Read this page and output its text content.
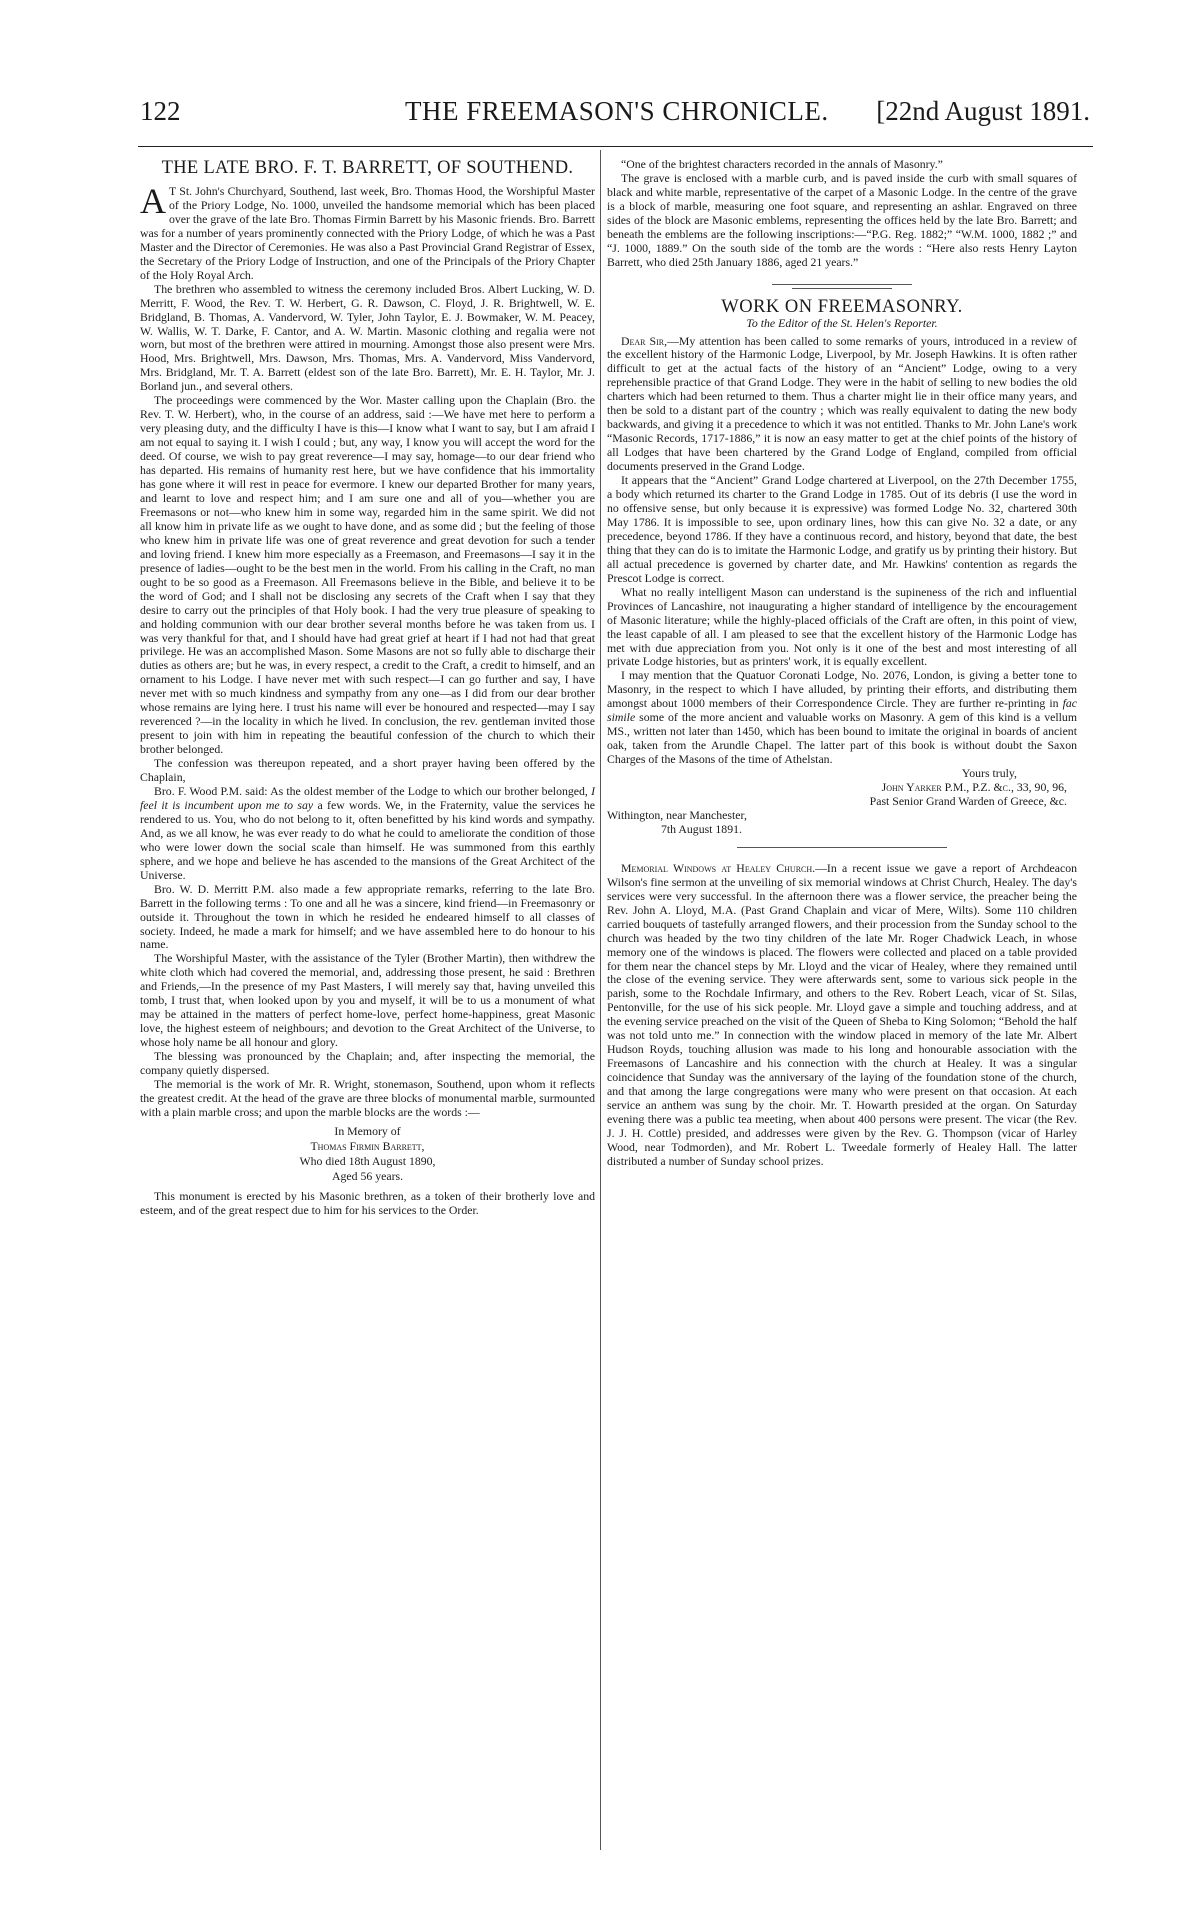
122	THE FREEMASON'S CHRONICLE. [22nd August 1891.
THE LATE BRO. F. T. BARRETT, OF SOUTHEND.

A T St. John's Churchyard, Southend, last week, Bro. Thomas Hood, the Worshipful Master of the Priory Lodge, No. 1000, unveiled the handsome memorial which has been placed over the grave of the late Bro. Thomas Firmin Barrett by his Masonic friends. Bro. Barrett was for a number of years prominently connected with the Priory Lodge, of which he was a Past Master and the Director of Ceremonies. He was also a Past Provincial Grand Registrar of Essex, the Secretary of the Priory Lodge of Instruction, and one of the Principals of the Priory Chapter of the Holy Royal Arch.

The brethren who assembled to witness the ceremony included Bros. Albert Lucking, W. D. Merritt, F. Wood, the Rev. T. W. Herbert, G. R. Dawson, C. Floyd, J. R. Brightwell, W. E. Bridgland, B. Thomas, A. Vandervord, W. Tyler, John Taylor, E. J. Bowmaker, W. M. Peacey, W. Wallis, W. T. Darke, F. Cantor, and A. W. Martin. Masonic clothing and regalia were not worn, but most of the brethren were attired in mourning. Amongst those also present were Mrs. Hood, Mrs. Brightwell, Mrs. Dawson, Mrs. Thomas, Mrs. A. Vandervord, Miss Vandervord, Mrs. Bridgland, Mr. T. A. Barrett (eldest son of the late Bro. Barrett), Mr. E. H. Taylor, Mr. J. Borland jun., and several others.

The proceedings were commenced by the Wor. Master calling upon the Chaplain (Bro. the Rev. T. W. Herbert), who, in the course of an address, said :—We have met here to perform a very pleasing duty, and the difficulty I have is this—I know what I want to say, but I am afraid I am not equal to saying it. I wish I could ; but, any way, I know you will accept the word for the deed. Of course, we wish to pay great reverence—I may say, homage—to our dear friend who has departed. His remains of humanity rest here, but we have confidence that his immortality has gone where it will rest in peace for evermore. I knew our departed Brother for many years, and learnt to love and respect him; and I am sure one and all of you—whether you are Freemasons or not—who knew him in some way, regarded him in the same spirit. We did not all know him in private life as we ought to have done, and as some did ; but the feeling of those who knew him in private life was one of great reverence and great devotion for such a tender and loving friend. I knew him more especially as a Freemason, and Freemasons—I say it in the presence of ladies—ought to be the best men in the world. From his calling in the Craft, no man ought to be so good as a Freemason. All Freemasons believe in the Bible, and believe it to be the word of God; and I shall not be disclosing any secrets of the Craft when I say that they desire to carry out the principles of that Holy book. I had the very true pleasure of speaking to and holding communion with our dear brother several months before he was taken from us. I was very thankful for that, and I should have had great grief at heart if I had not had that great privilege. He was an accomplished Mason. Some Masons are not so fully able to discharge their duties as others are; but he was, in every respect, a credit to the Craft, a credit to himself, and an ornament to his Lodge. I have never met with such respect—I can go further and say, I have never met with so much kindness and sympathy from any one—as I did from our dear brother whose remains are lying here. I trust his name will ever be honoured and respected—may I say reverenced ?—in the locality in which he lived. In conclusion, the rev. gentleman invited those present to join with him in repeating the beautiful confession of the church to which their brother belonged.

The confession was thereupon repeated, and a short prayer having been offered by the Chaplain,

Bro. F. Wood P.M. said: As the oldest member of the Lodge to which our brother belonged, I feel it is incumbent upon me to say a few words. We, in the Fraternity, value the services he rendered to us. You, who do not belong to it, often benefitted by his kind words and sympathy. And, as we all know, he was ever ready to do what he could to ameliorate the condition of those who were lower down the social scale than himself. He was summoned from this earthly sphere, and we hope and believe he has ascended to the mansions of the Great Architect of the Universe.

Bro. W. D. Merritt P.M. also made a few appropriate remarks, referring to the late Bro. Barrett in the following terms : To one and all he was a sincere, kind friend—in Freemasonry or outside it. Throughout the town in which he resided he endeared himself to all classes of society. Indeed, he made a mark for himself; and we have assembled here to do honour to his name.

The Worshipful Master, with the assistance of the Tyler (Brother Martin), then withdrew the white cloth which had covered the memorial, and, addressing those present, he said : Brethren and Friends,—In the presence of my Past Masters, I will merely say that, having unveiled this tomb, I trust that, when looked upon by you and myself, it will be to us a monument of what may be attained in the matters of perfect home-love, perfect home-happiness, great Masonic love, the highest esteem of neighbours; and devotion to the Great Architect of the Universe, to whose holy name be all honour and glory.

The blessing was pronounced by the Chaplain; and, after inspecting the memorial, the company quietly dispersed.

The memorial is the work of Mr. R. Wright, stonemason, Southend, upon whom it reflects the greatest credit. At the head of the grave are three blocks of monumental marble, surmounted with a plain marble cross; and upon the marble blocks are the words :—

In Memory of
Thomas Firmin Barrett,
Who died 18th August 1890,
Aged 56 years.

This monument is erected by his Masonic brethren, as a token of their brotherly love and esteem, and of the great respect due to him for his services to the Order.

“One of the brightest characters recorded in the annals of Masonry.”

The grave is enclosed with a marble curb, and is paved inside the curb with small squares of black and white marble, representative of the carpet of a Masonic Lodge. In the centre of the grave is a block of marble, measuring one foot square, and representing an ashlar. Engraved on three sides of the block are Masonic emblems, representing the offices held by the late Bro. Barrett; and beneath the emblems are the following inscriptions:—“P.G. Reg. 1882;” “W.M. 1000, 1882 ;” and “J. 1000, 1889.” On the south side of the tomb are the words : “Here also rests Henry Layton Barrett, who died 25th January 1886, aged 21 years.”

WORK ON FREEMASONRY.

To the Editor of the St. Helen's Reporter.

Dear Sir,—My attention has been called to some remarks of yours, introduced in a review of the excellent history of the Harmonic Lodge, Liverpool, by Mr. Joseph Hawkins. It is often rather difficult to get at the actual facts of the history of an “Ancient” Lodge, owing to a very reprehensible practice of that Grand Lodge. They were in the habit of selling to new bodies the old charters which had been returned to them. Thus a charter might lie in their office many years, and then be sold to a distant part of the country ; which was really equivalent to dating the new body backwards, and giving it a precedence to which it was not entitled. Thanks to Mr. John Lane's work “Masonic Records, 1717-1886,” it is now an easy matter to get at the chief points of the history of all Lodges that have been chartered by the Grand Lodge of England, compiled from official documents preserved in the Grand Lodge.

It appears that the “Ancient” Grand Lodge chartered at Liverpool, on the 27th December 1755, a body which returned its charter to the Grand Lodge in 1785. Out of its debris (I use the word in no offensive sense, but only because it is expressive) was formed Lodge No. 32, chartered 30th May 1786. It is impossible to see, upon ordinary lines, how this can give No. 32 a date, or any precedence, beyond 1786. If they have a continuous record, and history, beyond that date, the best thing that they can do is to imitate the Harmonic Lodge, and gratify us by printing their history. But all actual precedence is governed by charter date, and Mr. Hawkins' contention as regards the Prescot Lodge is correct.

What no really intelligent Mason can understand is the supineness of the rich and influential Provinces of Lancashire, not inaugurating a higher standard of intelligence by the encouragement of Masonic literature; while the highly-placed officials of the Craft are often, in this point of view, the least capable of all. I am pleased to see that the excellent history of the Harmonic Lodge has met with due appreciation from you. Not only is it one of the best and most interesting of all private Lodge histories, but as printers' work, it is equally excellent.

I may mention that the Quatuor Coronati Lodge, No. 2076, London, is giving a better tone to Masonry, in the respect to which I have alluded, by printing their efforts, and distributing them amongst about 1000 members of their Correspondence Circle. They are further re-printing in fac simile some of the more ancient and valuable works on Masonry. A gem of this kind is a vellum MS., written not later than 1450, which has been bound to imitate the original in boards of ancient oak, taken from the Arundle Chapel. The latter part of this book is without doubt the Saxon Charges of the Masons of the time of Athelstan.

Yours truly,

John Yarker P.M., P.Z. &c., 33, 90, 96,

Past Senior Grand Warden of Greece, &c.

Withington, near Manchester,

7th August 1891.

Memorial Windows at Healey Church.—In a recent issue we gave a report of Archdeacon Wilson's fine sermon at the unveiling of six memorial windows at Christ Church, Healey. The day's services were very successful. In the afternoon there was a flower service, the preacher being the Rev. John A. Lloyd, M.A. (Past Grand Chaplain and vicar of Mere, Wilts). Some 110 children carried bouquets of tastefully arranged flowers, and their procession from the Sunday school to the church was headed by the two tiny children of the late Mr. Roger Chadwick Leach, in whose memory one of the windows is placed. The flowers were collected and placed on a table provided for them near the chancel steps by Mr. Lloyd and the vicar of Healey, where they remained until the close of the evening service. They were afterwards sent, some to various sick people in the parish, some to the Rochdale Infirmary, and others to the Rev. Robert Leach, vicar of St. Silas, Pentonville, for the use of his sick people. Mr. Lloyd gave a simple and touching address, and at the evening service preached on the visit of the Queen of Sheba to King Solomon; “Behold the half was not told unto me.” In connection with the window placed in memory of the late Mr. Albert Hudson Royds, touching allusion was made to his long and honourable association with the Freemasons of Lancashire and his connection with the church at Healey. It was a singular coincidence that Sunday was the anniversary of the laying of the foundation stone of the church, and that among the large congregations were many who were present on that occasion. At each service an anthem was sung by the choir. Mr. T. Howarth presided at the organ. On Saturday evening there was a public tea meeting, when about 400 persons were present. The vicar (the Rev. J. J. H. Cottle) presided, and addresses were given by the Rev. G. Thompson (vicar of Harley Wood, near Todmorden), and Mr. Robert L. Tweedale formerly of Healey Hall. The latter distributed a number of Sunday school prizes.
